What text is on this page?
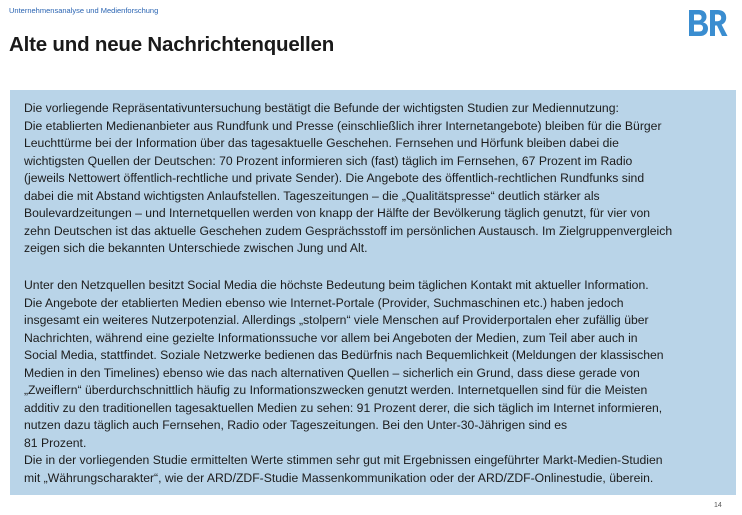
Unternehmensanalyse und Medienforschung
Alte und neue Nachrichtenquellen

Die vorliegende Repräsentativuntersuchung bestätigt die Befunde der wichtigsten Studien zur Mediennutzung:
Die etablierten Medienanbieter aus Rundfunk und Presse (einschließlich ihrer Internetangebote) bleiben für die Bürger
Leuchttürme bei der Information über das tagesaktuelle Geschehen. Fernsehen und Hörfunk bleiben dabei die
wichtigsten Quellen der Deutschen: 70 Prozent informieren sich (fast) täglich im Fernsehen, 67 Prozent im Radio
(jeweils Nettowert öffentlich-rechtliche und private Sender). Die Angebote des öffentlich-rechtlichen Rundfunks sind
dabei die mit Abstand wichtigsten Anlaufstellen. Tageszeitungen – die „Qualitätspresse“ deutlich stärker als
Boulevardzeitungen – und Internetquellen werden von knapp der Hälfte der Bevölkerung täglich genutzt, für vier von
zehn Deutschen ist das aktuelle Geschehen zudem Gesprächsstoff im persönlichen Austausch. Im Zielgruppenvergleich
zeigen sich die bekannten Unterschiede zwischen Jung und Alt.

Unter den Netzquellen besitzt Social Media die höchste Bedeutung beim täglichen Kontakt mit aktueller Information.
Die Angebote der etablierten Medien ebenso wie Internet-Portale (Provider, Suchmaschinen etc.) haben jedoch
insgesamt ein weiteres Nutzerpotenzial. Allerdings „stolpern“ viele Menschen auf Providerportalen eher zufällig über
Nachrichten, während eine gezielte Informationssuche vor allem bei Angeboten der Medien, zum Teil aber auch in
Social Media, stattfindet. Soziale Netzwerke bedienen das Bedürfnis nach Bequemlichkeit (Meldungen der klassischen
Medien in den Timelines) ebenso wie das nach alternativen Quellen – sicherlich ein Grund, dass diese gerade von
„Zweiflern“ überdurchschnittlich häufig zu Informationszwecken genutzt werden. Internetquellen sind für die Meisten
additiv zu den traditionellen tagesaktuellen Medien zu sehen: 91 Prozent derer, die sich täglich im Internet informieren,
nutzen dazu täglich auch Fernsehen, Radio oder Tageszeitungen. Bei den Unter-30-Jährigen sind es
81 Prozent.
Die in der vorliegenden Studie ermittelten Werte stimmen sehr gut mit Ergebnissen eingeführter Markt-Medien-Studien
mit „Währungscharakter“, wie der ARD/ZDF-Studie Massenkommunikation oder der ARD/ZDF-Onlinestudie, überein.

14
